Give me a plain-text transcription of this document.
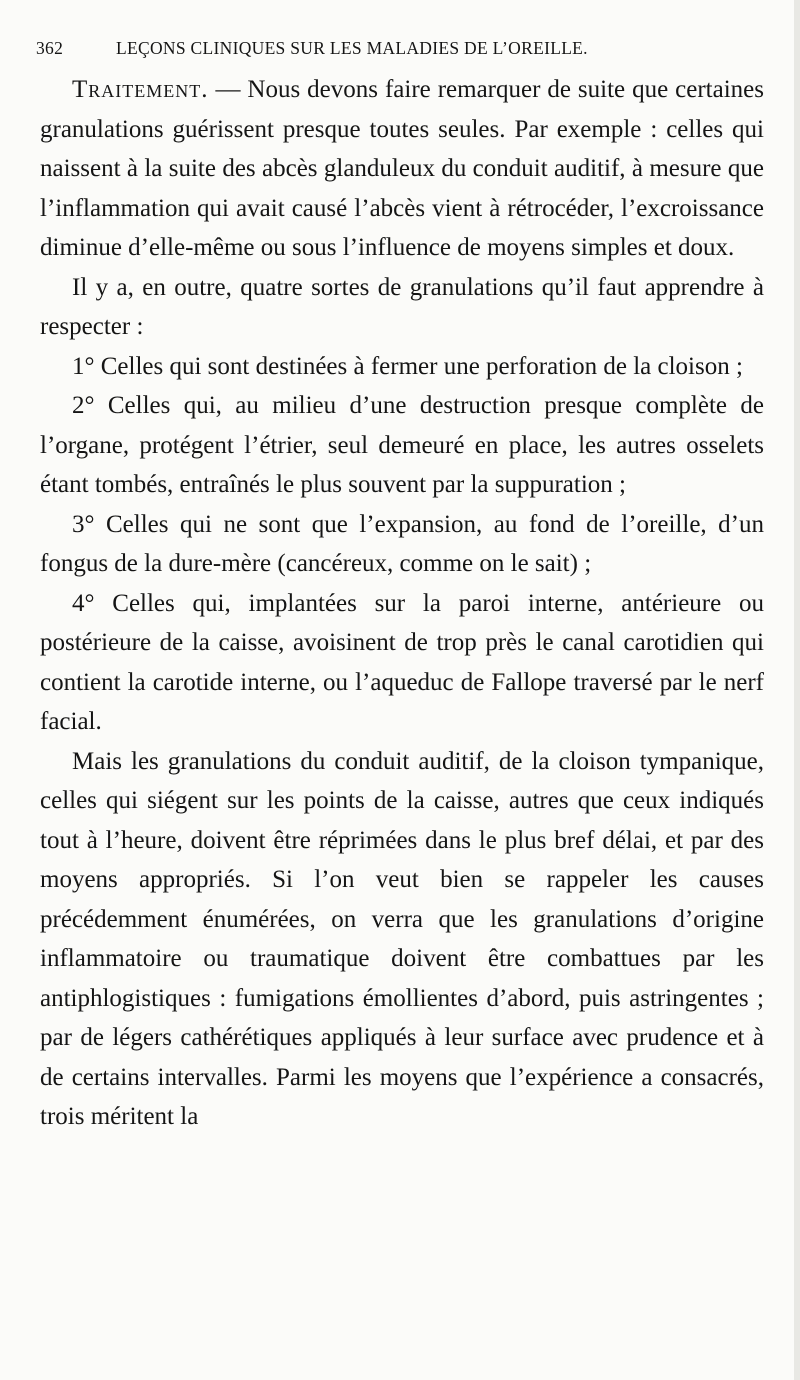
362	LEÇONS CLINIQUES SUR LES MALADIES DE L’OREILLE.

Traitement. — Nous devons faire remarquer de suite que certaines granulations guérissent presque toutes seules. Par exemple : celles qui naissent à la suite des abcès glanduleux du conduit auditif, à mesure que l’inflammation qui avait causé l’abcès vient à rétrocéder, l’excroissance diminue d’elle-même ou sous l’influence de moyens simples et doux.

Il y a, en outre, quatre sortes de granulations qu’il faut apprendre à respecter :

1° Celles qui sont destinées à fermer une perforation de la cloison ;

2° Celles qui, au milieu d’une destruction presque complète de l’organe, protégent l’étrier, seul demeuré en place, les autres osselets étant tombés, entraînés le plus souvent par la suppuration ;

3° Celles qui ne sont que l’expansion, au fond de l’oreille, d’un fongus de la dure-mère (cancéreux, comme on le sait) ;

4° Celles qui, implantées sur la paroi interne, antérieure ou postérieure de la caisse, avoisinent de trop près le canal carotidien qui contient la carotide interne, ou l’aqueduc de Fallope traversé par le nerf facial.

Mais les granulations du conduit auditif, de la cloison tympanique, celles qui siégent sur les points de la caisse, autres que ceux indiqués tout à l’heure, doivent être réprimées dans le plus bref délai, et par des moyens appropriés. Si l’on veut bien se rappeler les causes précédemment énumérées, on verra que les granulations d’origine inflammatoire ou traumatique doivent être combattues par les antiphlogistiques : fumigations émollientes d’abord, puis astringentes ; par de légers cathérétiques appliqués à leur surface avec prudence et à de certains intervalles. Parmi les moyens que l’expérience a consacrés, trois méritent la
